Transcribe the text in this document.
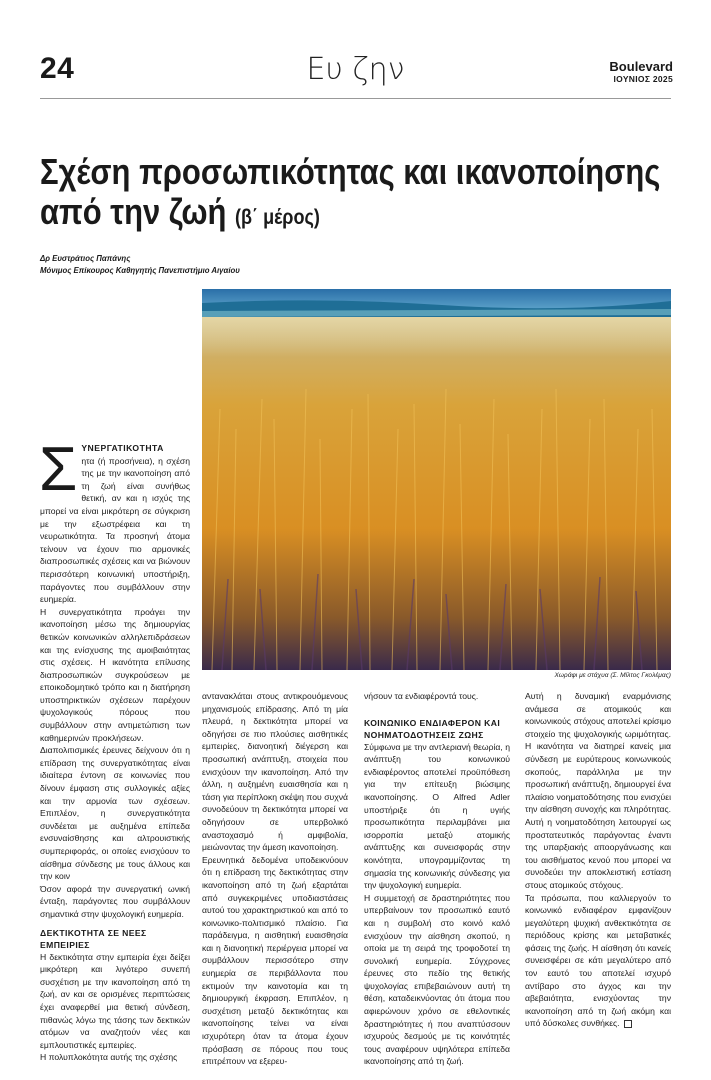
24	Ευ ζην	Boulevard
ΙΟΥΝΙΟΣ 2025
Σχέση προσωπικότητας και ικανοποίησης
από την ζωή (β΄ μέρος)
Δρ Ευστράτιος Παπάνης
Μόνιμος Επίκουρος Καθηγητής Πανεπιστήμιο Αιγαίου
Χωράφι με στάχυα (Σ. Μίλτος Γκολέμας)
Σ ΥΝΕΡΓΑΤΙΚΟΤΗΤΑ

ητα (ή προσήνεια), η σχέση της με την ικανοποίηση από τη ζωή είναι συνήθως θετική, αν και η ισχύς της μπορεί να είναι μικρότερη σε σύγκριση με την εξωστρέφεια και τη νευρωτικότητα. Τα προσηνή άτομα τείνουν να έχουν πιο αρμονικές διαπροσωπικές σχέσεις και να βιώνουν περισσότερη κοινωνική υποστήριξη, παράγοντες που συμβάλλουν στην ευημερία.

Η συνεργατικότητα προάγει την ικανοποίηση μέσω της δημιουργίας θετικών κοινωνικών αλληλεπιδράσεων και της ενίσχυσης της αμοιβαιότητας στις σχέσεις. Η ικανότητα επίλυσης διαπροσωπικών συγκρούσεων με εποικοδομητικό τρόπο και η διατήρηση υποστηρικτικών σχέσεων παρέχουν ψυχολογικούς πόρους που συμβάλλουν στην αντιμετώπιση των καθημερινών προκλήσεων.

Διαπολιτισμικές έρευνες δείχνουν ότι η επίδραση της συνεργατικότητας είναι ιδιαίτερα έντονη σε κοινωνίες που δίνουν έμφαση στις συλλογικές αξίες και την αρμονία των σχέσεων. Επιπλέον, η συνεργατικότητα συνδέεται με αυξημένα επίπεδα ενσυναίσθησης και αλτρουιστικής συμπεριφοράς, οι οποίες ενισχύουν το αίσθημα σύνδεσης με τους άλλους και την κοιν

Όσον αφορά την συνεργατική ωνική ένταξη, παράγοντες που συμβάλλουν σημαντικά στην ψυχολογική ευημερία.

ΔΕΚΤΙΚΟΤΗΤΑ ΣΕ ΝΕΕΣ ΕΜΠΕΙΡΙΕΣ

Η δεκτικότητα στην εμπειρία έχει δείξει μικρότερη και λιγότερο συνεπή συσχέτιση με την ικανοποίηση από τη ζωή, αν και σε ορισμένες περιπτώσεις έχει αναφερθεί μια θετική σύνδεση, πιθανώς λόγω της τάσης των δεκτικών ατόμων να αναζητούν νέες και εμπλουτιστικές εμπειρίες.

Η πολυπλοκότητα αυτής της σχέσης

αντανακλάται στους αντικρουόμενους μηχανισμούς επίδρασης. Από τη μία πλευρά, η δεκτικότητα μπορεί να οδηγήσει σε πιο πλούσιες αισθητικές εμπειρίες, διανοητική διέγερση και προσωπική ανάπτυξη, στοιχεία που ενισχύουν την ικανοποίηση. Από την άλλη, η αυξημένη ευαισθησία και η τάση για περίπλοκη σκέψη που συχνά συνοδεύουν τη δεκτικότητα μπορεί να οδηγήσουν σε υπερβολικό αναστοχασμό ή αμφιβολία, μειώνοντας την άμεση ικανοποίηση.

Ερευνητικά δεδομένα υποδεικνύουν ότι η επίδραση της δεκτικότητας στην ικανοποίηση από τη ζωή εξαρτάται από συγκεκριμένες υποδιαστάσεις αυτού του χαρακτηριστικού και από το κοινωνικο-πολιτισμικό πλαίσιο. Για παράδειγμα, η αισθητική ευαισθησία και η διανοητική περιέργεια μπορεί να συμβάλλουν περισσότερο στην ευημερία σε περιβάλλοντα που εκτιμούν την καινοτομία και τη δημιουργική έκφραση. Επιπλέον, η συσχέτιση μεταξύ δεκτικότητας και ικανοποίησης τείνει να είναι ισχυρότερη όταν τα άτομα έχουν πρόσβαση σε πόρους που τους επιτρέπουν να εξερευ-

νήσουν τα ενδιαφέροντά τους.

ΚΟΙΝΩΝΙΚΟ ΕΝΔΙΑΦΕΡΟΝ ΚΑΙ ΝΟΗΜΑΤΟΔΟΤΗΣΕΙΣ ΖΩΗΣ

Σύμφωνα με την αντλεριανή θεωρία, η ανάπτυξη του κοινωνικού ενδιαφέροντος αποτελεί προϋπόθεση για την επίτευξη βιώσιμης ικανοποίησης. Ο Alfred Adler υποστήριξε ότι η υγιής προσωπικότητα περιλαμβάνει μια ισορροπία μεταξύ ατομικής ανάπτυξης και συνεισφοράς στην κοινότητα, υπογραμμίζοντας τη σημασία της κοινωνικής σύνδεσης για την ψυχολογική ευημερία.

Η συμμετοχή σε δραστηριότητες που υπερβαίνουν τον προσωπικό εαυτό και η συμβολή στο κοινό καλό ενισχύουν την αίσθηση σκοπού, η οποία με τη σειρά της τροφοδοτεί τη συνολική ευημερία. Σύγχρονες έρευνες στο πεδίο της θετικής ψυχολογίας επιβεβαιώνουν αυτή τη θέση, καταδεικνύοντας ότι άτομα που αφιερώνουν χρόνο σε εθελοντικές δραστηριότητες ή που αναπτύσσουν ισχυρούς δεσμούς με τις κοινότητές τους αναφέρουν υψηλότερα επίπεδα ικανοποίησης από τη ζωή.

Αυτή η δυναμική εναρμόνισης ανάμεσα σε ατομικούς και κοινωνικούς στόχους αποτελεί κρίσιμο στοιχείο της ψυχολογικής ωριμότητας. Η ικανότητα να διατηρεί κανείς μια σύνδεση με ευρύτερους κοινωνικούς σκοπούς, παράλληλα με την προσωπική ανάπτυξη, δημιουργεί ένα πλαίσιο νοηματοδότησης που ενισχύει την αίσθηση συνοχής και πληρότητας. Αυτή η νοηματοδότηση λειτουργεί ως προστατευτικός παράγοντας έναντι της υπαρξιακής αποοργάνωσης και του αισθήματος κενού που μπορεί να συνοδεύει την αποκλειστική εστίαση στους ατομικούς στόχους.

Τα πρόσωπα, που καλλιεργούν το κοινωνικό ενδιαφέρον εμφανίζουν μεγαλύτερη ψυχική ανθεκτικότητα σε περιόδους κρίσης και μεταβατικές φάσεις της ζωής. Η αίσθηση ότι κανείς συνεισφέρει σε κάτι μεγαλύτερο από τον εαυτό του αποτελεί ισχυρό αντίβαρο στο άγχος και την αβεβαιότητα, ενισχύοντας την ικανοποίηση από τη ζωή ακόμη και υπό δύσκολες συνθήκες.
